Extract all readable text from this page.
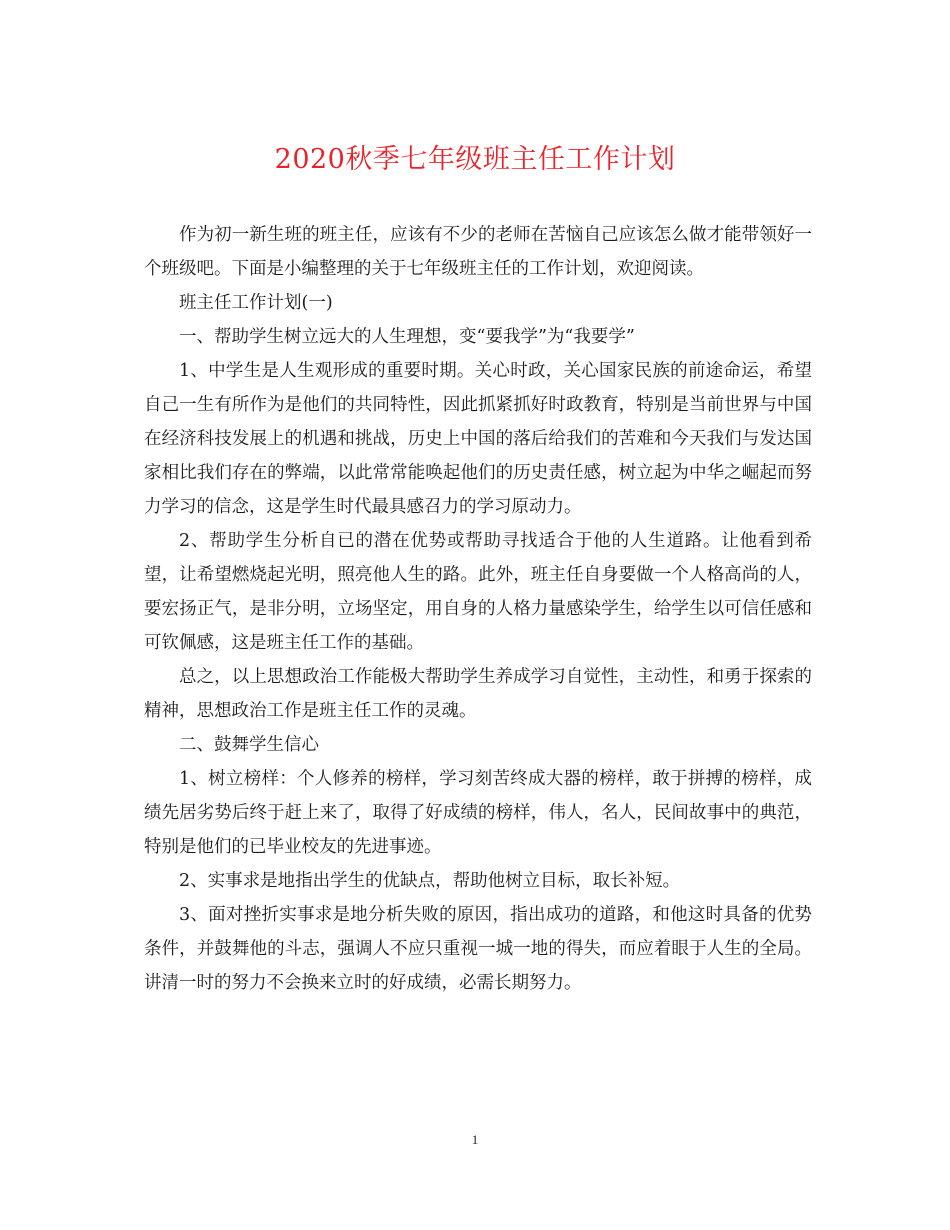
2020秋季七年级班主任工作计划

作为初一新生班的班主任，应该有不少的老师在苦恼自己应该怎么做才能带领好一个班级吧。下面是小编整理的关于七年级班主任的工作计划，欢迎阅读。

班主任工作计划(一)

一、帮助学生树立远大的人生理想，变“要我学”为“我要学”

1、中学生是人生观形成的重要时期。关心时政，关心国家民族的前途命运，希望自己一生有所作为是他们的共同特性，因此抓紧抓好时政教育，特别是当前世界与中国在经济科技发展上的机遇和挑战，历史上中国的落后给我们的苦难和今天我们与发达国家相比我们存在的弊端，以此常常能唤起他们的历史责任感，树立起为中华之崛起而努力学习的信念，这是学生时代最具感召力的学习原动力。

2、帮助学生分析自已的潜在优势或帮助寻找适合于他的人生道路。让他看到希望，让希望燃烧起光明，照亮他人生的路。此外，班主任自身要做一个人格高尚的人，要宏扬正气，是非分明，立场坚定，用自身的人格力量感染学生，给学生以可信任感和可钦佩感，这是班主任工作的基础。

总之，以上思想政治工作能极大帮助学生养成学习自觉性，主动性，和勇于探索的精神，思想政治工作是班主任工作的灵魂。

二、鼓舞学生信心

1、树立榜样：个人修养的榜样，学习刻苦终成大器的榜样，敢于拼搏的榜样，成绩先居劣势后终于赶上来了，取得了好成绩的榜样，伟人，名人，民间故事中的典范，特别是他们的已毕业校友的先进事迹。

2、实事求是地指出学生的优缺点，帮助他树立目标，取长补短。

3、面对挫折实事求是地分析失败的原因，指出成功的道路，和他这时具备的优势条件，并鼓舞他的斗志，强调人不应只重视一城一地的得失，而应着眼于人生的全局。讲清一时的努力不会换来立时的好成绩，必需长期努力。

1
